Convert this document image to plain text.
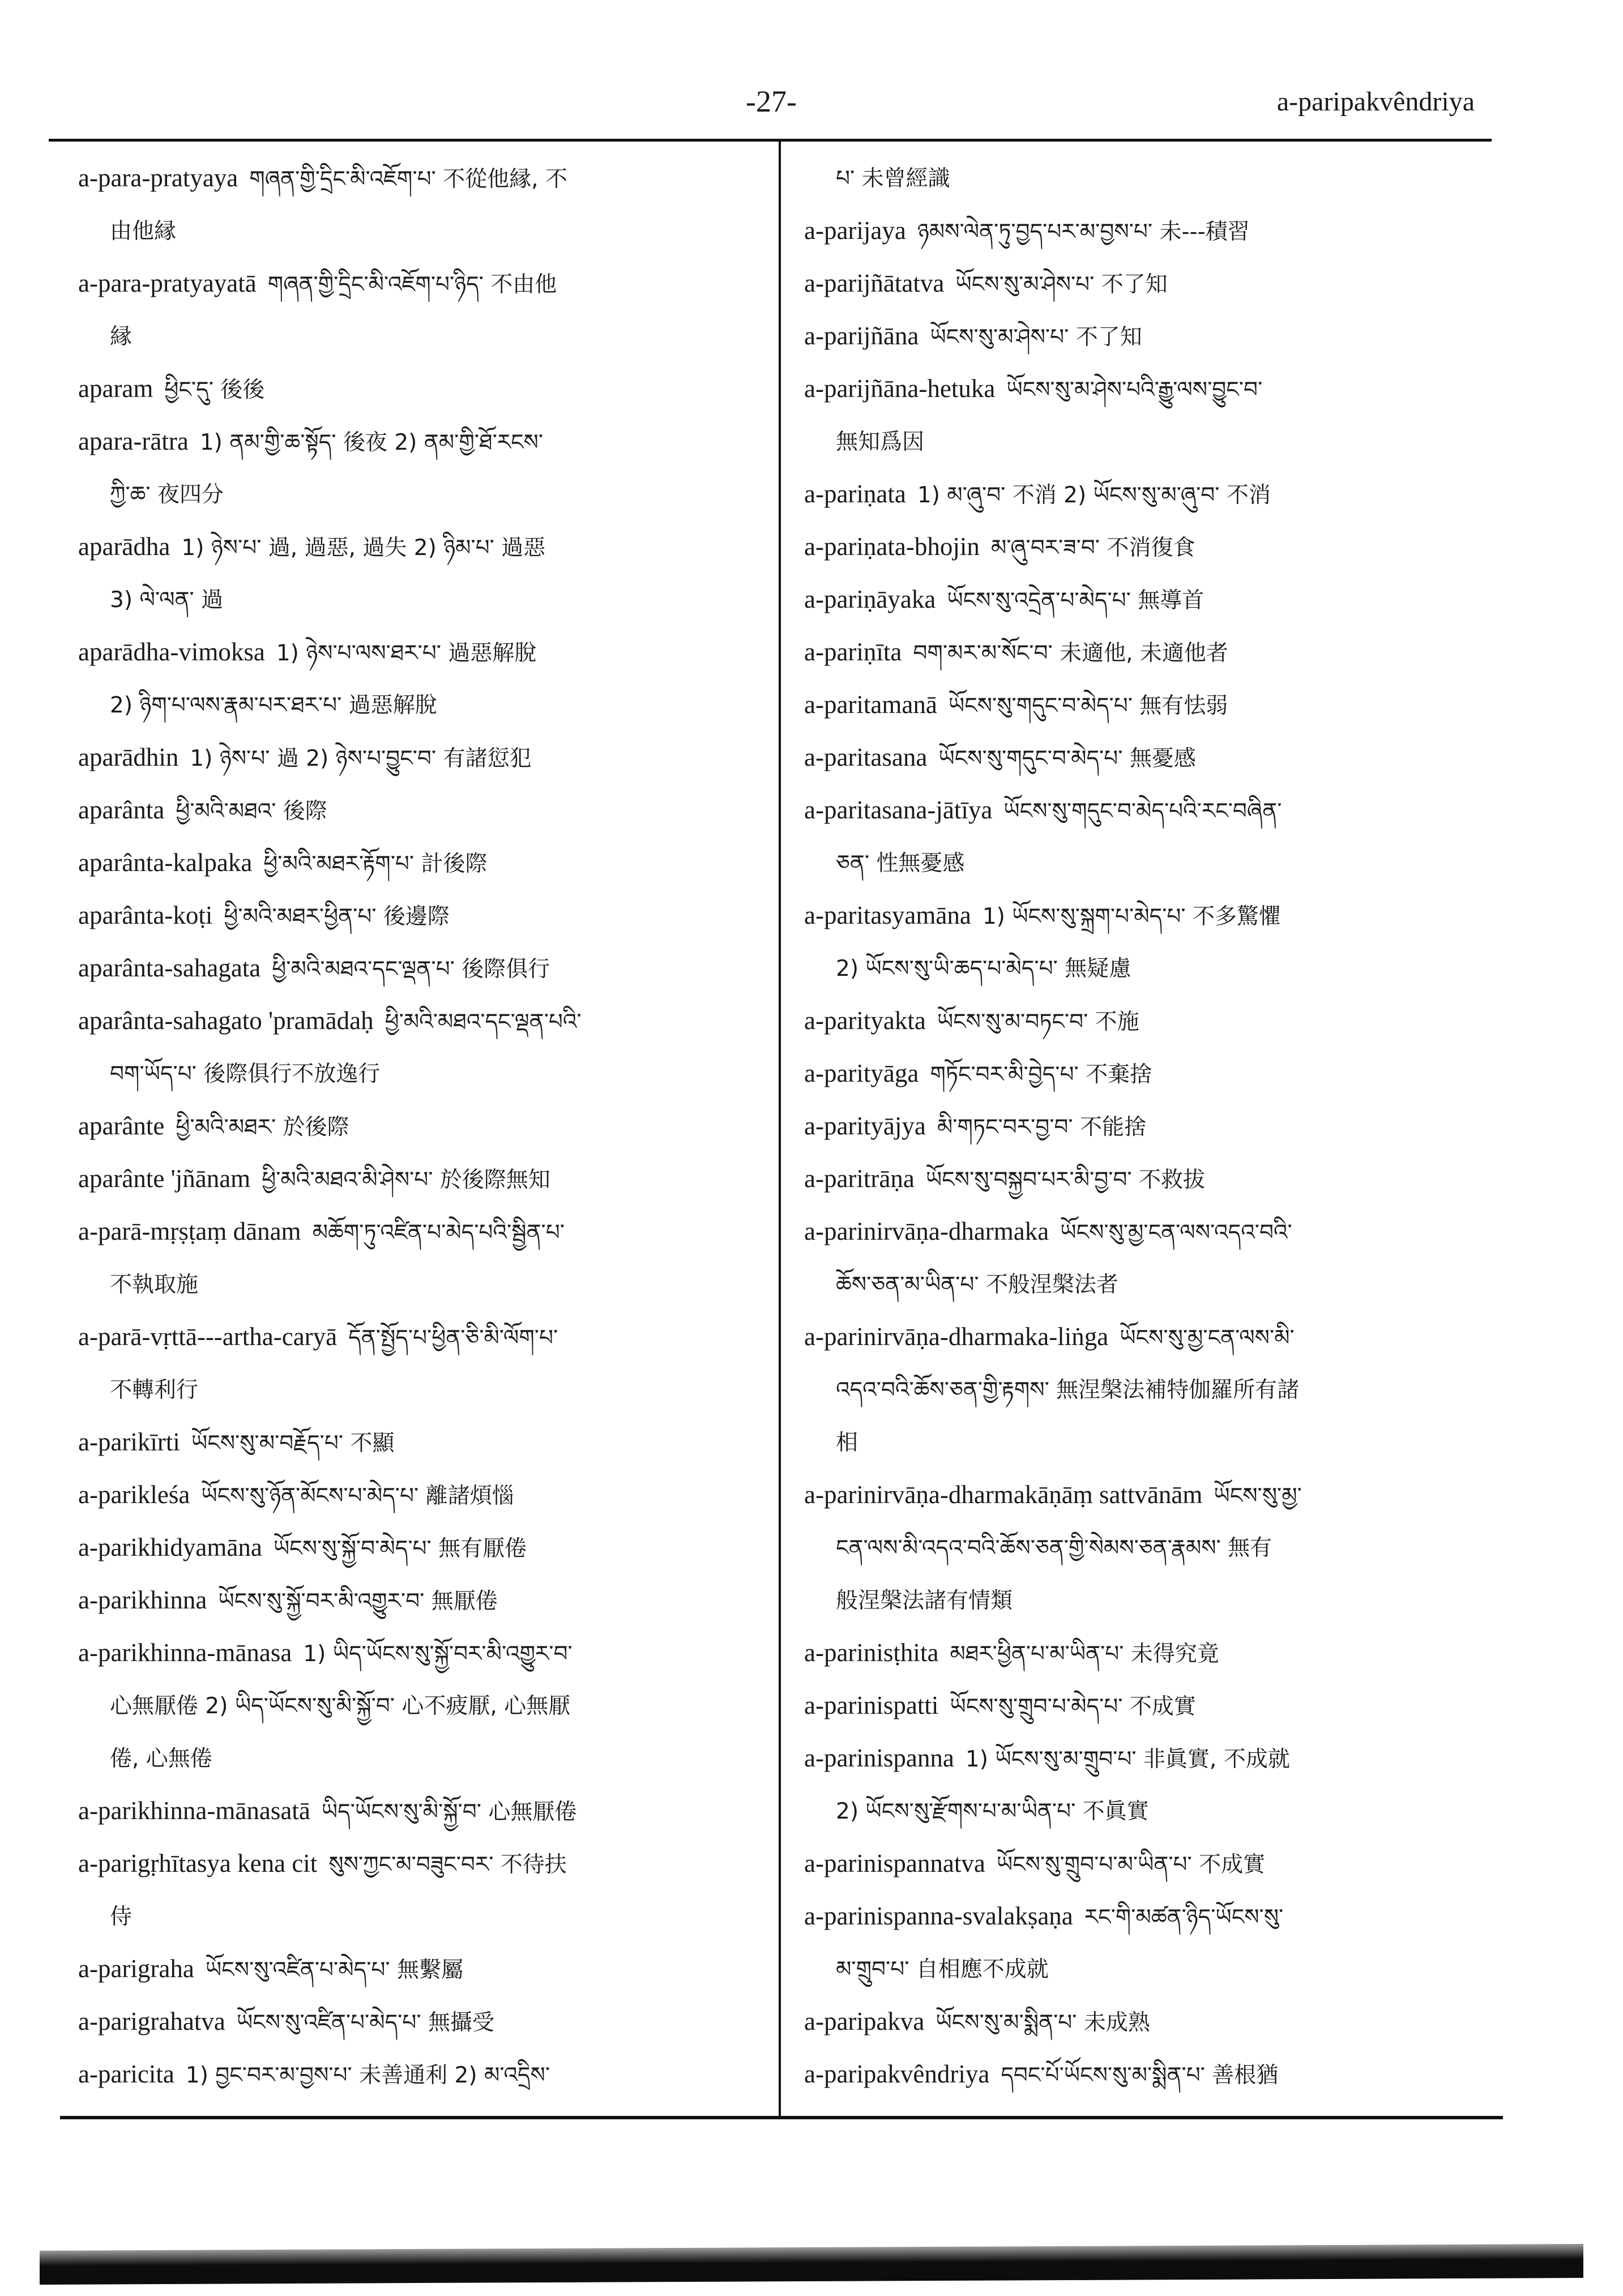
-27-	a-paripakvêndriya
a-para-pratyaya གཞན་གྱི་དྲིང་མི་འཇོག་པ་ 不從他縁, 不
由他縁
a-para-pratyayatā གཞན་གྱི་དྲིང་མི་འཇོག་པ་ཉིད་ 不由他
縁
aparam ཕྱིང་དུ་ 後後
apara-rātra 1) ནམ་གྱི་ཆ་སྟོད་ 後夜 2) ནམ་གྱི་ཐོ་རངས་
ཀྱི་ཆ་ 夜四分
aparādha 1) ཉེས་པ་ 過, 過惡, 過失 2) ཉིམ་པ་ 過惡
3) ལེ་ལན་ 過
aparādha-vimoksa 1) ཉེས་པ་ལས་ཐར་པ་ 過惡解脫
2) ཉིག་པ་ལས་རྣམ་པར་ཐར་པ་ 過惡解脫
aparādhin 1) ཉེས་པ་ 過 2) ཉེས་པ་བྱུང་བ་ 有諸愆犯
aparânta ཕྱི་མའི་མཐའ་ 後際
aparânta-kalpaka ཕྱི་མའི་མཐར་རྟོག་པ་ 計後際
aparânta-koṭi ཕྱི་མའི་མཐར་ཕྱིན་པ་ 後邊際
aparânta-sahagata ཕྱི་མའི་མཐའ་དང་ལྡན་པ་ 後際俱行
aparânta-sahagato 'pramādaḥ ཕྱི་མའི་མཐའ་དང་ལྡན་པའི་
བག་ཡོད་པ་ 後際俱行不放逸行
aparânte ཕྱི་མའི་མཐར་ 於後際
aparânte 'jñānam ཕྱི་མའི་མཐའ་མི་ཤེས་པ་ 於後際無知
a-parā-mṛṣṭaṃ dānam མཆོག་ཏུ་འཛིན་པ་མེད་པའི་སྦྱིན་པ་
不執取施
a-parā-vṛttā---artha-caryā དོན་སྤྱོད་པ་ཕྱིན་ཅི་མི་ལོག་པ་
不轉利行
a-parikīrti ཡོངས་སུ་མ་བརྗོད་པ་ 不顯
a-parikleśa ཡོངས་སུ་ཉོན་མོངས་པ་མེད་པ་ 離諸煩惱
a-parikhidyamāna ཡོངས་སུ་སྐྱོ་བ་མེད་པ་ 無有厭倦
a-parikhinna ཡོངས་སུ་སྐྱོ་བར་མི་འགྱུར་བ་ 無厭倦
a-parikhinna-mānasa 1) ཡིད་ཡོངས་སུ་སྐྱོ་བར་མི་འགྱུར་བ་
心無厭倦 2) ཡིད་ཡོངས་སུ་མི་སྐྱོ་བ་ 心不疲厭, 心無厭
倦, 心無倦
a-parikhinna-mānasatā ཡིད་ཡོངས་སུ་མི་སྐྱོ་བ་ 心無厭倦
a-parigṛhītasya kena cit སུས་ཀྱང་མ་བཟུང་བར་ 不待扶
侍
a-parigraha ཡོངས་སུ་འཛིན་པ་མེད་པ་ 無繫屬
a-parigrahatva ཡོངས་སུ་འཛིན་པ་མེད་པ་ 無攝受
a-paricita 1) བྱང་བར་མ་བྱས་པ་ 未善通利 2) མ་འདྲིས་
པ་ 未曾經識
a-parijaya ཉམས་ལེན་ཏུ་བྱད་པར་མ་བྱས་པ་ 未---積習
a-parijñātatva ཡོངས་སུ་མ་ཤེས་པ་ 不了知
a-parijñāna ཡོངས་སུ་མ་ཤེས་པ་ 不了知
a-parijñāna-hetuka ཡོངས་སུ་མ་ཤེས་པའི་རྒྱུ་ལས་བྱུང་བ་
無知爲因
a-pariṇata 1) མ་ཞུ་བ་ 不消 2) ཡོངས་སུ་མ་ཞུ་བ་ 不消
a-pariṇata-bhojin མ་ཞུ་བར་ཟ་བ་ 不消復食
a-pariṇāyaka ཡོངས་སུ་འདྲེན་པ་མེད་པ་ 無導首
a-pariṇīta བག་མར་མ་སོང་བ་ 未適他, 未適他者
a-paritamanā ཡོངས་སུ་གདུང་བ་མེད་པ་ 無有怯弱
a-paritasana ཡོངས་སུ་གདུང་བ་མེད་པ་ 無憂感
a-paritasana-jātīya ཡོངས་སུ་གདུང་བ་མེད་པའི་རང་བཞིན་
ཅན་ 性無憂感
a-paritasyamāna 1) ཡོངས་སུ་སྐྲག་པ་མེད་པ་ 不多驚懼
2) ཡོངས་སུ་ཡི་ཆད་པ་མེད་པ་ 無疑慮
a-parityakta ཡོངས་སུ་མ་བཏང་བ་ 不施
a-parityāga གཏོང་བར་མི་བྱེད་པ་ 不棄捨
a-parityājya མི་གཏང་བར་བྱ་བ་ 不能捨
a-paritrāṇa ཡོངས་སུ་བསྐྱབ་པར་མི་བྱ་བ་ 不救拔
a-parinirvāṇa-dharmaka ཡོངས་སུ་མྱ་ངན་ལས་འདའ་བའི་
ཆོས་ཅན་མ་ཡིན་པ་ 不般涅槃法者
a-parinirvāṇa-dharmaka-liṅga ཡོངས་སུ་མྱ་ངན་ལས་མི་
འདའ་བའི་ཆོས་ཅན་གྱི་རྟགས་ 無涅槃法補特伽羅所有諸
相
a-parinirvāṇa-dharmakāṇāṃ sattvānām ཡོངས་སུ་མྱ་
ངན་ལས་མི་འདའ་བའི་ཆོས་ཅན་གྱི་སེམས་ཅན་རྣམས་ 無有
般涅槃法諸有情類
a-parinisṭhita མཐར་ཕྱིན་པ་མ་ཡིན་པ་ 未得究竟
a-parinispatti ཡོངས་སུ་གྲུབ་པ་མེད་པ་ 不成實
a-parinispanna 1) ཡོངས་སུ་མ་གྲུབ་པ་ 非眞實, 不成就
2) ཡོངས་སུ་རྫོགས་པ་མ་ཡིན་པ་ 不眞實
a-parinispannatva ཡོངས་སུ་གྲུབ་པ་མ་ཡིན་པ་ 不成實
a-parinispanna-svalakṣaṇa རང་གི་མཚན་ཉིད་ཡོངས་སུ་
མ་གྲུབ་པ་ 自相應不成就
a-paripakva ཡོངས་སུ་མ་སྨིན་པ་ 未成熟
a-paripakvêndriya དབང་པོ་ཡོངས་སུ་མ་སྨིན་པ་ 善根猶
